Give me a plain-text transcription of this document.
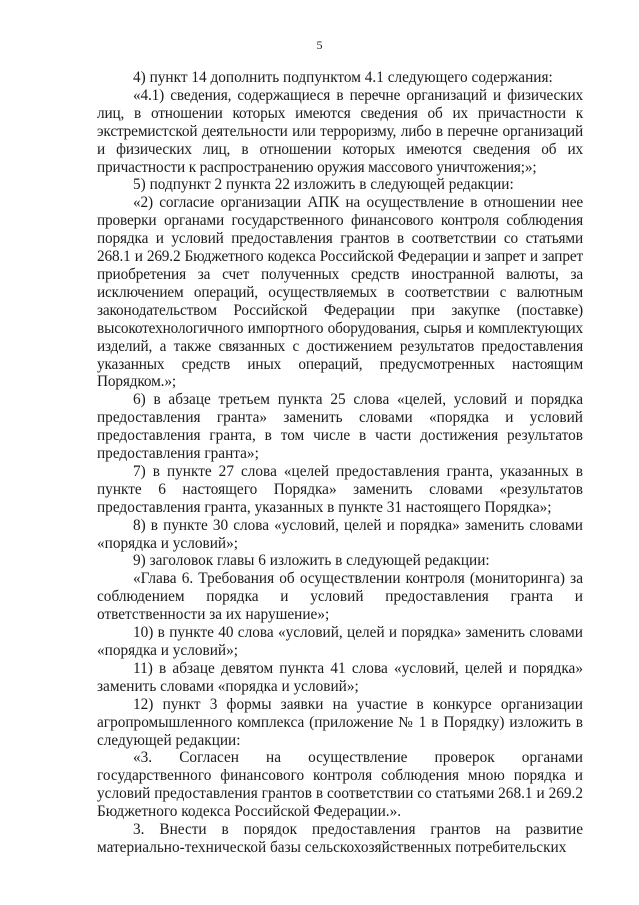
5

4) пункт 14 дополнить подпунктом 4.1 следующего содержания:

«4.1) сведения, содержащиеся в перечне организаций и физических лиц, в отношении которых имеются сведения об их причастности к экстремистской деятельности или терроризму, либо в перечне организаций и физических лиц, в отношении которых имеются сведения об их причастности к распространению оружия массового уничтожения;»;

5) подпункт 2 пункта 22 изложить в следующей редакции:

«2) согласие организации АПК на осуществление в отношении нее проверки органами государственного финансового контроля соблюдения порядка и условий предоставления грантов в соответствии со статьями 268.1 и 269.2 Бюджетного кодекса Российской Федерации и запрет и запрет приобретения за счет полученных средств иностранной валюты, за исключением операций, осуществляемых в соответствии с валютным законодательством Российской Федерации при закупке (поставке) высокотехнологичного импортного оборудования, сырья и комплектующих изделий, а также связанных с достижением результатов предоставления указанных средств иных операций, предусмотренных настоящим Порядком.»;

6) в абзаце третьем пункта 25 слова «целей, условий и порядка предоставления гранта» заменить словами «порядка и условий предоставления гранта, в том числе в части достижения результатов предоставления гранта»;

7) в пункте 27 слова «целей предоставления гранта, указанных в пункте 6 настоящего Порядка» заменить словами «результатов предоставления гранта, указанных в пункте 31 настоящего Порядка»;

8) в пункте 30 слова «условий, целей и порядка» заменить словами «порядка и условий»;

9) заголовок главы 6 изложить в следующей редакции:

«Глава 6. Требования об осуществлении контроля (мониторинга) за соблюдением порядка и условий предоставления гранта и ответственности за их нарушение»;

10) в пункте 40 слова «условий, целей и порядка» заменить словами «порядка и условий»;

11) в абзаце девятом пункта 41 слова «условий, целей и порядка» заменить словами «порядка и условий»;

12) пункт 3 формы заявки на участие в конкурсе организации агропромышленного комплекса (приложение № 1 в Порядку) изложить в следующей редакции:

«3. Согласен на осуществление проверок органами государственного финансового контроля соблюдения мною порядка и условий предоставления грантов в соответствии со статьями 268.1 и 269.2 Бюджетного кодекса Российской Федерации.».

3. Внести в порядок предоставления грантов на развитие материально-технической базы сельскохозяйственных потребительских
